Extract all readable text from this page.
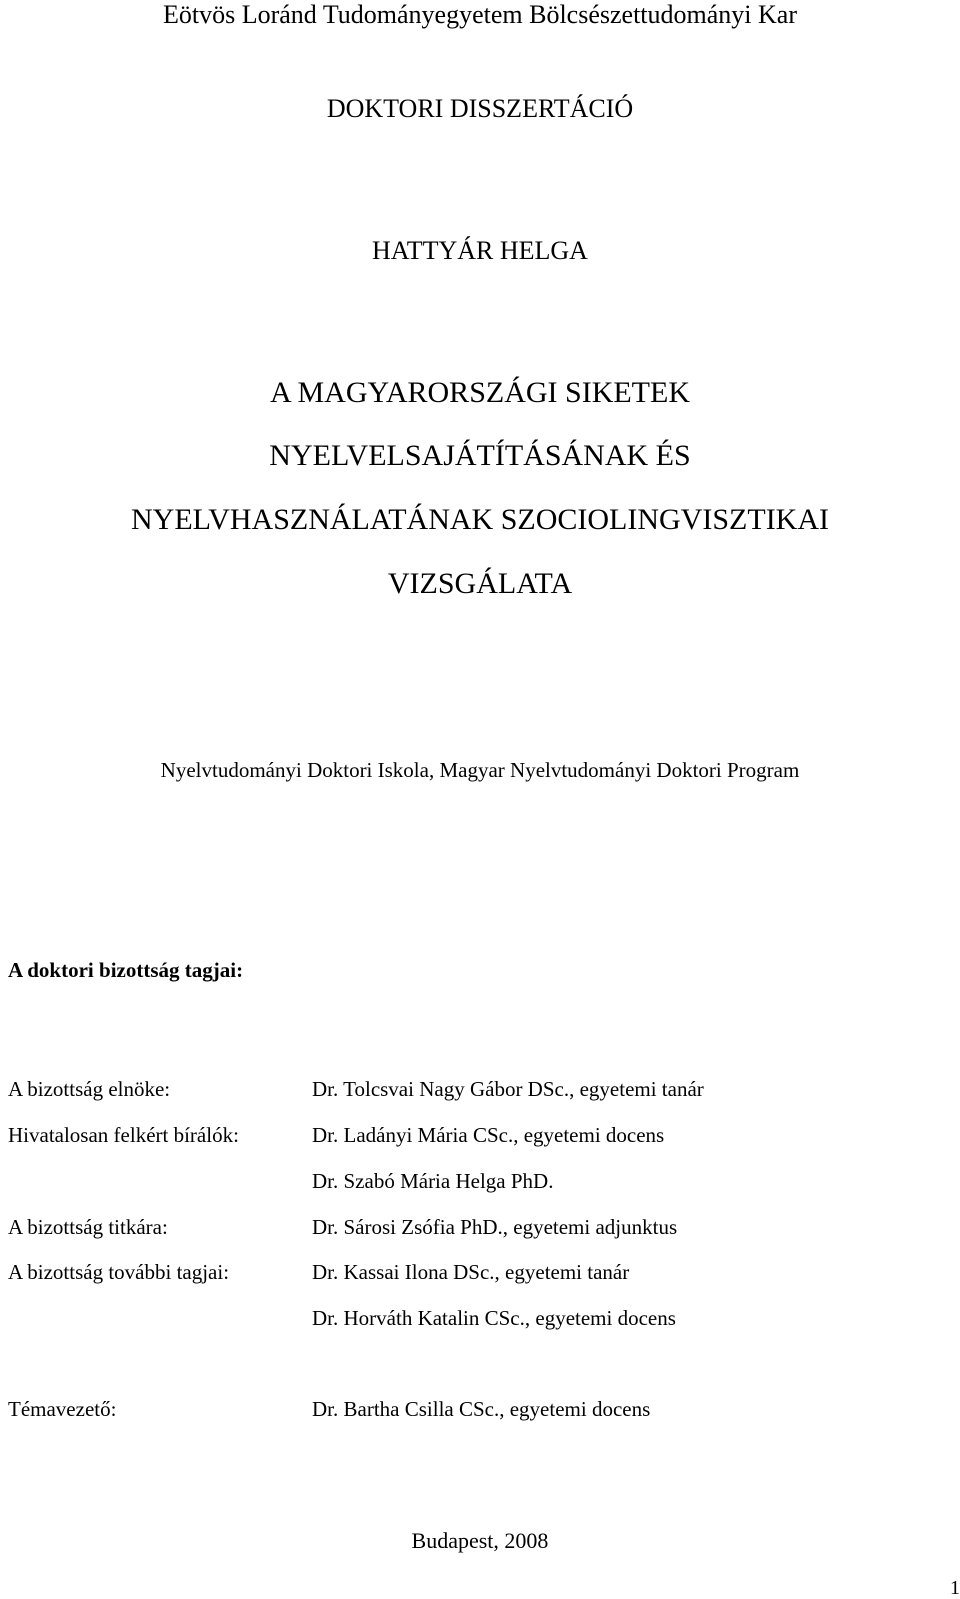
Eötvös Loránd Tudományegyetem Bölcsészettudományi Kar
DOKTORI DISSZERTÁCIÓ
HATTYÁR HELGA
A MAGYARORSZÁGI SIKETEK
NYELVELSAJÁTÍTÁSÁNAK ÉS
NYELVHASZNÁLATÁNAK SZOCIOLINGVISZTIKAI
VIZSGÁLATA
Nyelvtudományi Doktori Iskola, Magyar Nyelvtudományi Doktori Program
A doktori bizottság tagjai:
A bizottság elnöke:	Dr. Tolcsvai Nagy Gábor DSc., egyetemi tanár
Hivatalosan felkért bírálók:	Dr. Ladányi Mária CSc., egyetemi docens
Dr. Szabó Mária Helga PhD.
A bizottság titkára:	Dr. Sárosi Zsófia PhD., egyetemi adjunktus
A bizottság további tagjai:	Dr. Kassai Ilona DSc., egyetemi tanár
Dr. Horváth Katalin CSc., egyetemi docens
Témavezető:	Dr. Bartha Csilla CSc., egyetemi docens
Budapest, 2008
1
